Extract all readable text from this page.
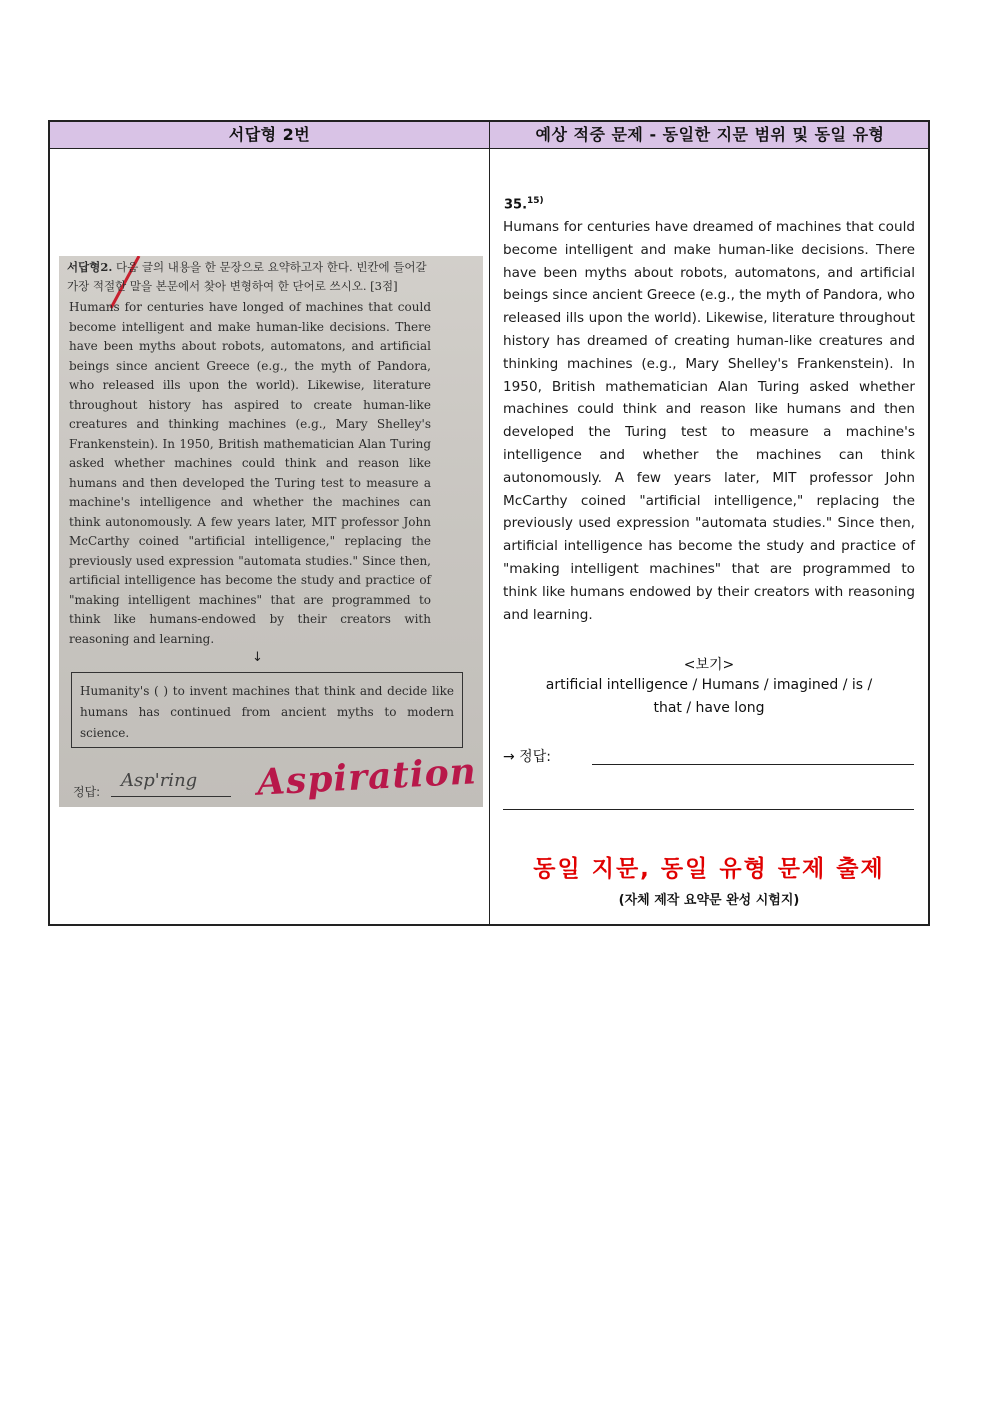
서답형 2번	예상 적중 문제 - 동일한 지문 범위 및 동일 유형
서답형2. 다음 글의 내용을 한 문장으로 요약하고자 한다. 빈칸에 들어갈 가장 적절한 말을 본문에서 찾아 변형하여 한 단어로 쓰시오. [3점]
Humans for centuries have longed of machines that could become intelligent and make human-like decisions. There have been myths about robots, automatons, and artificial beings since ancient Greece (e.g., the myth of Pandora, who released ills upon the world). Likewise, literature throughout history has aspired to create human-like creatures and thinking machines (e.g., Mary Shelley's Frankenstein). In 1950, British mathematician Alan Turing asked whether machines could think and reason like humans and then developed the Turing test to measure a machine's intelligence and whether the machines can think autonomously. A few years later, MIT professor John McCarthy coined "artificial intelligence," replacing the previously used expression "automata studies." Since then, artificial intelligence has become the study and practice of "making intelligent machines" that are programmed to think like humans-endowed by their creators with reasoning and learning.
↓
Humanity's ( ) to invent machines that think and decide like humans has continued from ancient myths to modern science.
정답:
Asp'ring Aspiration
35.$^{15)}$
Humans for centuries have dreamed of machines that could become intelligent and make human-like decisions. There have been myths about robots, automatons, and artificial beings since ancient Greece (e.g., the myth of Pandora, who released ills upon the world). Likewise, literature throughout history has dreamed of creating human-like creatures and thinking machines (e.g., Mary Shelley's Frankenstein). In 1950, British mathematician Alan Turing asked whether machines could think and reason like humans and then developed the Turing test to measure a machine's intelligence and whether the machines can think autonomously. A few years later, MIT professor John McCarthy coined "artificial intelligence," replacing the previously used expression "automata studies." Since then, artificial intelligence has become the study and practice of "making intelligent machines" that are programmed to think like humans endowed by their creators with reasoning and learning.
<보기>
artificial intelligence / Humans / imagined / is /
that / have long
→ 정답:
동일 지문, 동일 유형 문제 출제
(자체 제작 요약문 완성 시험지)
